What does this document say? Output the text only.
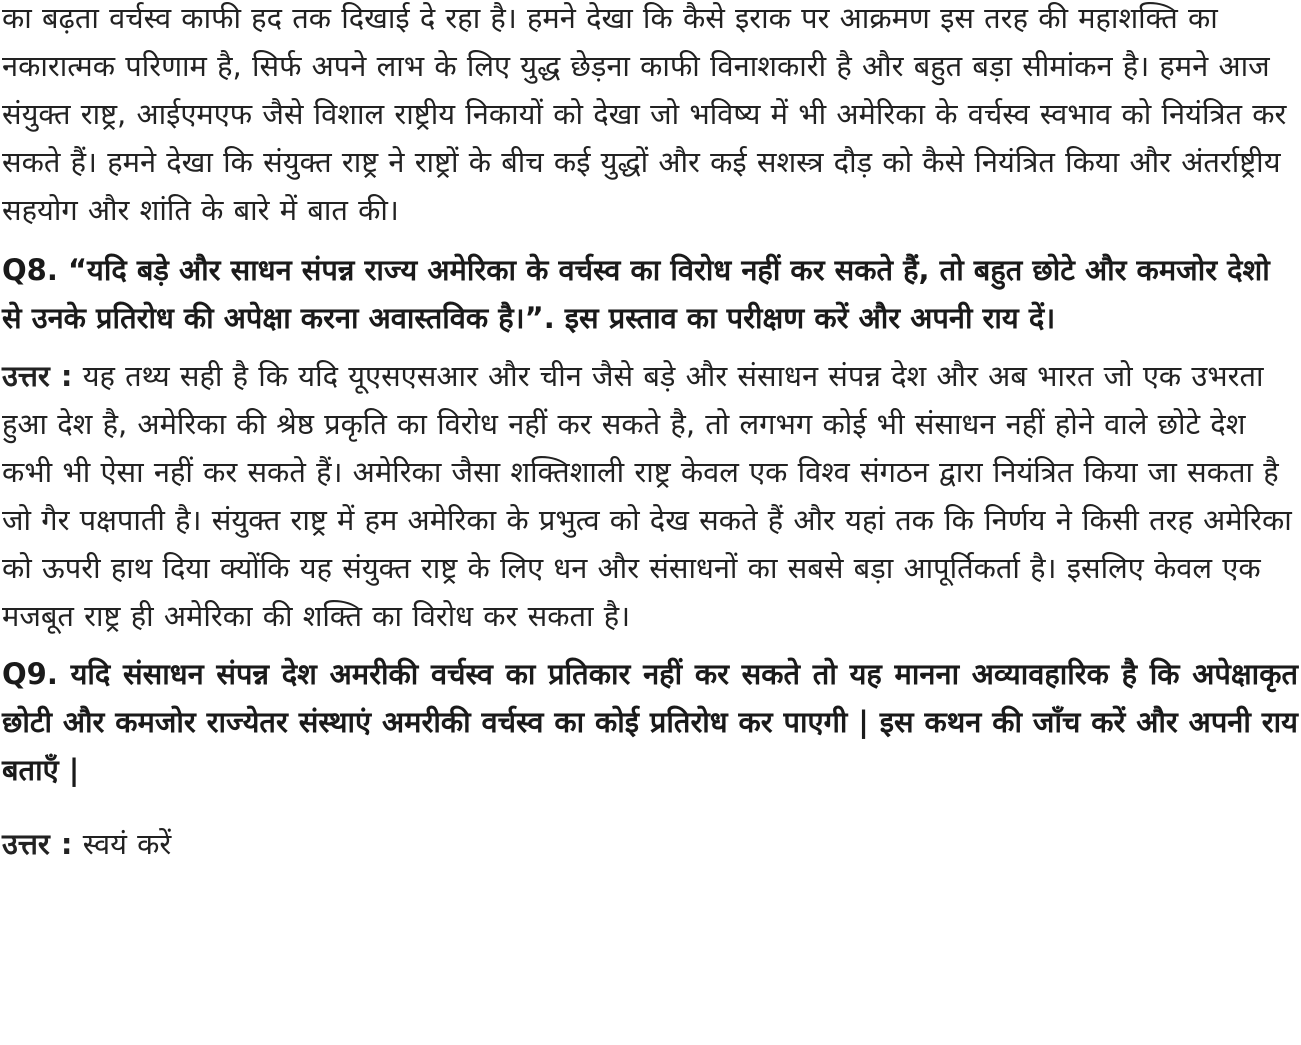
का बढ़ता वर्चस्व काफी हद तक दिखाई दे रहा है। हमने देखा कि कैसे इराक पर आक्रमण इस तरह की महाशक्ति का नकारात्मक परिणाम है, सिर्फ अपने लाभ के लिए युद्ध छेड़ना काफी विनाशकारी है और बहुत बड़ा सीमांकन है। हमने आज संयुक्त राष्ट्र, आईएमएफ जैसे विशाल राष्ट्रीय निकायों को देखा जो भविष्य में भी अमेरिका के वर्चस्व स्वभाव को नियंत्रित कर सकते हैं। हमने देखा कि संयुक्त राष्ट्र ने राष्ट्रों के बीच कई युद्धों और कई सशस्त्र दौड़ को कैसे नियंत्रित किया और अंतर्राष्ट्रीय सहयोग और शांति के बारे में बात की।

Q8. “यदि बड़े और साधन संपन्न राज्य अमेरिका के वर्चस्व का विरोध नहीं कर सकते हैं, तो बहुत छोटे और कमजोर देशो से उनके प्रतिरोध की अपेक्षा करना अवास्तविक है।”. इस प्रस्ताव का परीक्षण करें और अपनी राय दें।

उत्तर : यह तथ्य सही है कि यदि यूएसएसआर और चीन जैसे बड़े और संसाधन संपन्न देश और अब भारत जो एक उभरता हुआ देश है, अमेरिका की श्रेष्ठ प्रकृति का विरोध नहीं कर सकते है, तो लगभग कोई भी संसाधन नहीं होने वाले छोटे देश कभी भी ऐसा नहीं कर सकते हैं। अमेरिका जैसा शक्तिशाली राष्ट्र केवल एक विश्व संगठन द्वारा नियंत्रित किया जा सकता है जो गैर पक्षपाती है। संयुक्त राष्ट्र में हम अमेरिका के प्रभुत्व को देख सकते हैं और यहां तक कि निर्णय ने किसी तरह अमेरिका को ऊपरी हाथ दिया क्योंकि यह संयुक्त राष्ट्र के लिए धन और संसाधनों का सबसे बड़ा आपूर्तिकर्ता है। इसलिए केवल एक मजबूत राष्ट्र ही अमेरिका की शक्ति का विरोध कर सकता है।

Q9. यदि संसाधन संपन्न देश अमरीकी वर्चस्व का प्रतिकार नहीं कर सकते तो यह मानना अव्यावहारिक है कि अपेक्षाकृत छोटी और कमजोर राज्येतर संस्थाएं अमरीकी वर्चस्व का कोई प्रतिरोध कर पाएगी | इस कथन की जाँच करें और अपनी राय बताएँ |

उत्तर : स्वयं करें
